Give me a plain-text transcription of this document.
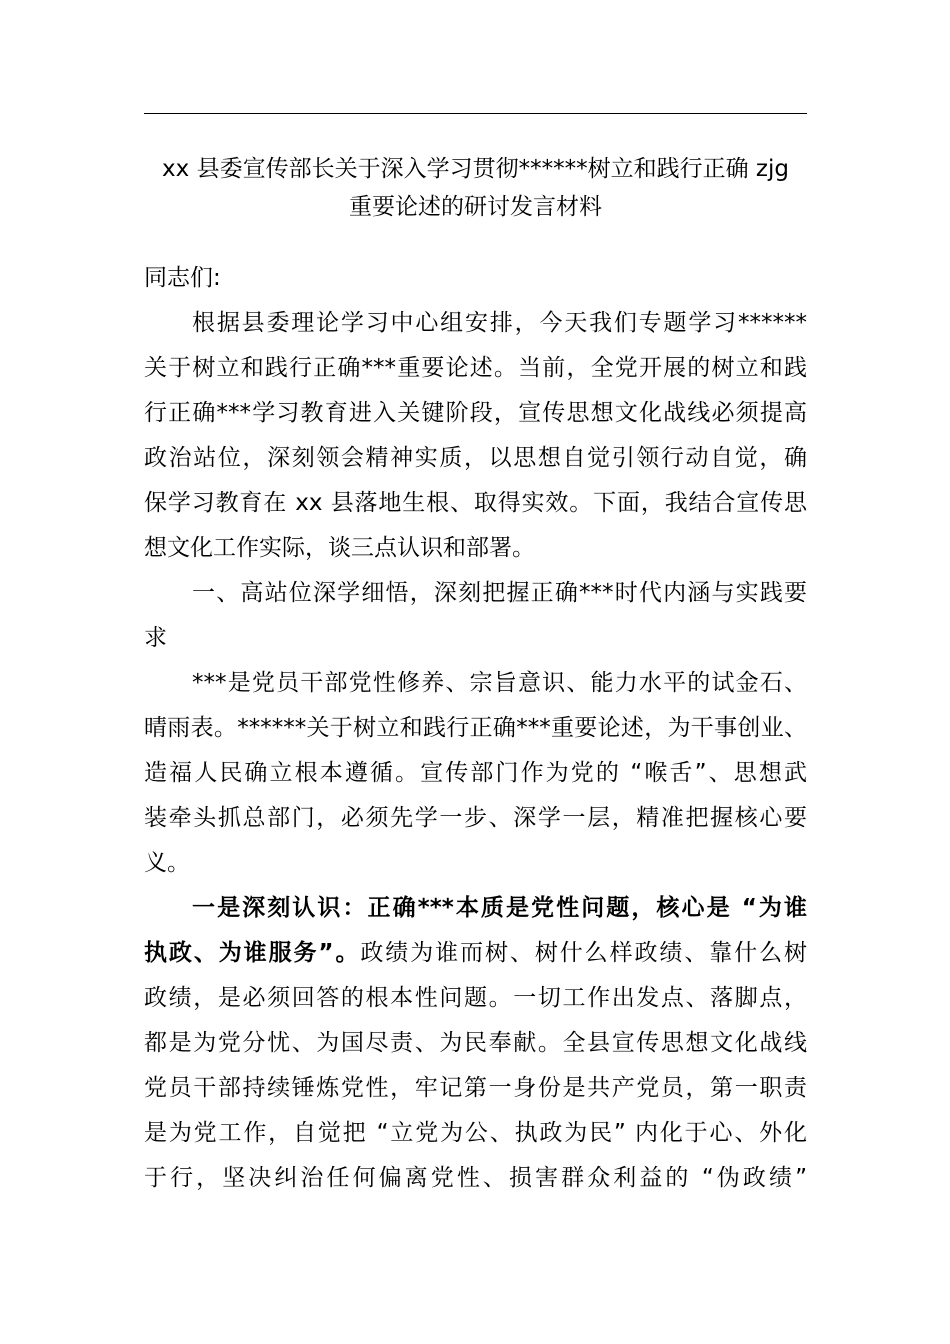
xx 县委宣传部长关于深入学习贯彻******树立和践行正确 zjg
重要论述的研讨发言材料
同志们:
根据县委理论学习中心组安排，今天我们专题学习******
关于树立和践行正确***重要论述。当前，全党开展的树立和践
行正确***学习教育进入关键阶段，宣传思想文化战线必须提高
政治站位，深刻领会精神实质，以思想自觉引领行动自觉，确
保学习教育在 xx 县落地生根、取得实效。下面，我结合宣传思
想文化工作实际，谈三点认识和部署。
一、高站位深学细悟，深刻把握正确***时代内涵与实践要
求
***是党员干部党性修养、宗旨意识、能力水平的试金石、
晴雨表。******关于树立和践行正确***重要论述，为干事创业、
造福人民确立根本遵循。宣传部门作为党的 “喉舌”、思想武
装牵头抓总部门，必须先学一步、深学一层，精准把握核心要
义。
一是深刻认识：正确***本质是党性问题，核心是 “为谁
执政、为谁服务”。政绩为谁而树、树什么样政绩、靠什么树
政绩，是必须回答的根本性问题。一切工作出发点、落脚点，
都是为党分忧、为国尽责、为民奉献。全县宣传思想文化战线
党员干部持续锤炼党性，牢记第一身份是共产党员，第一职责
是为党工作，自觉把 “立党为公、执政为民” 内化于心、外化
于行，坚决纠治任何偏离党性、损害群众利益的 “伪政绩”
